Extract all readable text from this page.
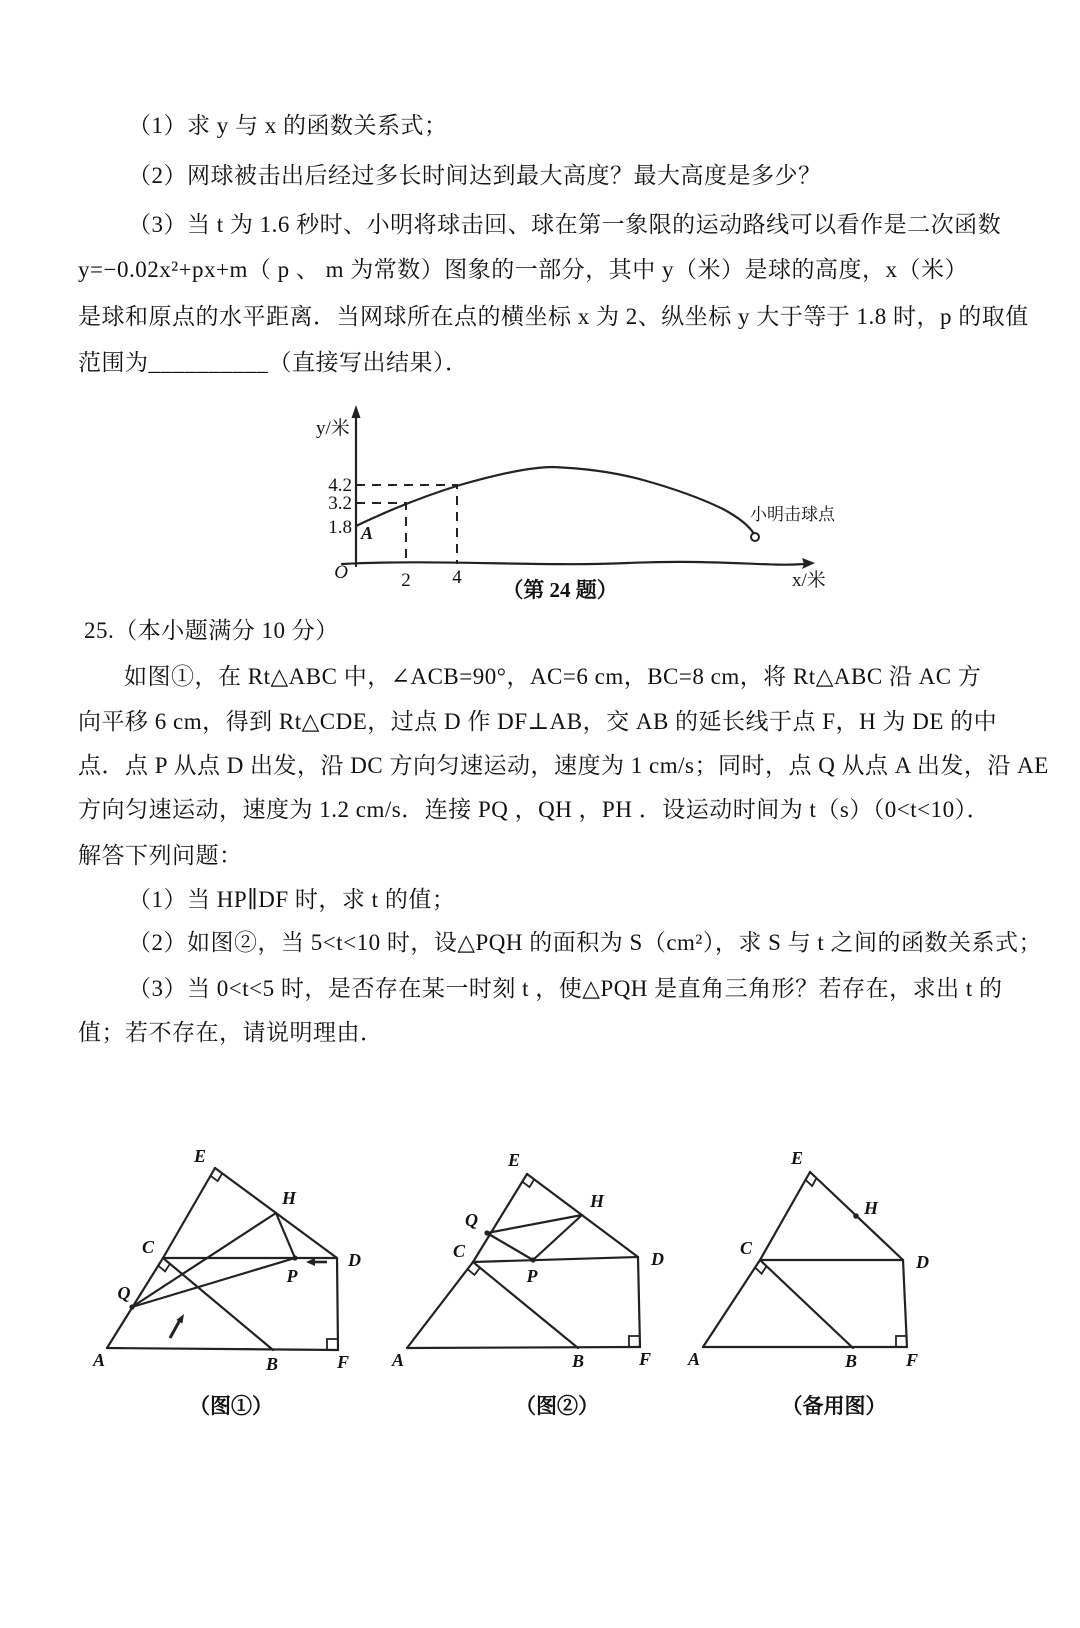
（1）求 y 与 x 的函数关系式；
（2）网球被击出后经过多长时间达到最大高度？最大高度是多少？
（3）当 t 为 1.6 秒时、小明将球击回、球在第一象限的运动路线可以看作是二次函数
y=−0.02x²+px+m（ p 、 m 为常数）图象的一部分，其中 y（米）是球的高度，x（米）
是球和原点的水平距离．当网球所在点的横坐标 x 为 2、纵坐标 y 大于等于 1.8 时，p 的取值
范围为__________（直接写出结果）．
y/米
4.2
3.2
1.8
O
A
2 4
小明击球点
x/米
（第 24 题）
25.（本小题满分 10 分）
如图①，在 Rt△ABC 中，∠ACB=90°，AC=6 cm，BC=8 cm，将 Rt△ABC 沿 AC 方
向平移 6 cm，得到 Rt△CDE，过点 D 作 DF⊥AB，交 AB 的延长线于点 F，H 为 DE 的中
点．点 P 从点 D 出发，沿 DC 方向匀速运动，速度为 1 cm/s；同时，点 Q 从点 A 出发，沿 AE
方向匀速运动，速度为 1.2 cm/s．连接 PQ ，QH ，PH ．设运动时间为 t（s）（0<t<10）．
解答下列问题：
（1）当 HP∥DF 时，求 t 的值；
（2）如图②，当 5<t<10 时，设△PQH 的面积为 S（cm²），求 S 与 t 之间的函数关系式；
（3）当 0<t<5 时，是否存在某一时刻 t ，使△PQH 是直角三角形？若存在，求出 t 的
值；若不存在，请说明理由．
E
H
C
D
P
Q
A	B	F
E
H
Q
C	D
P
A	B	F
E
H
C
D
A	B	F
（图①）	（图②）	（备用图）
